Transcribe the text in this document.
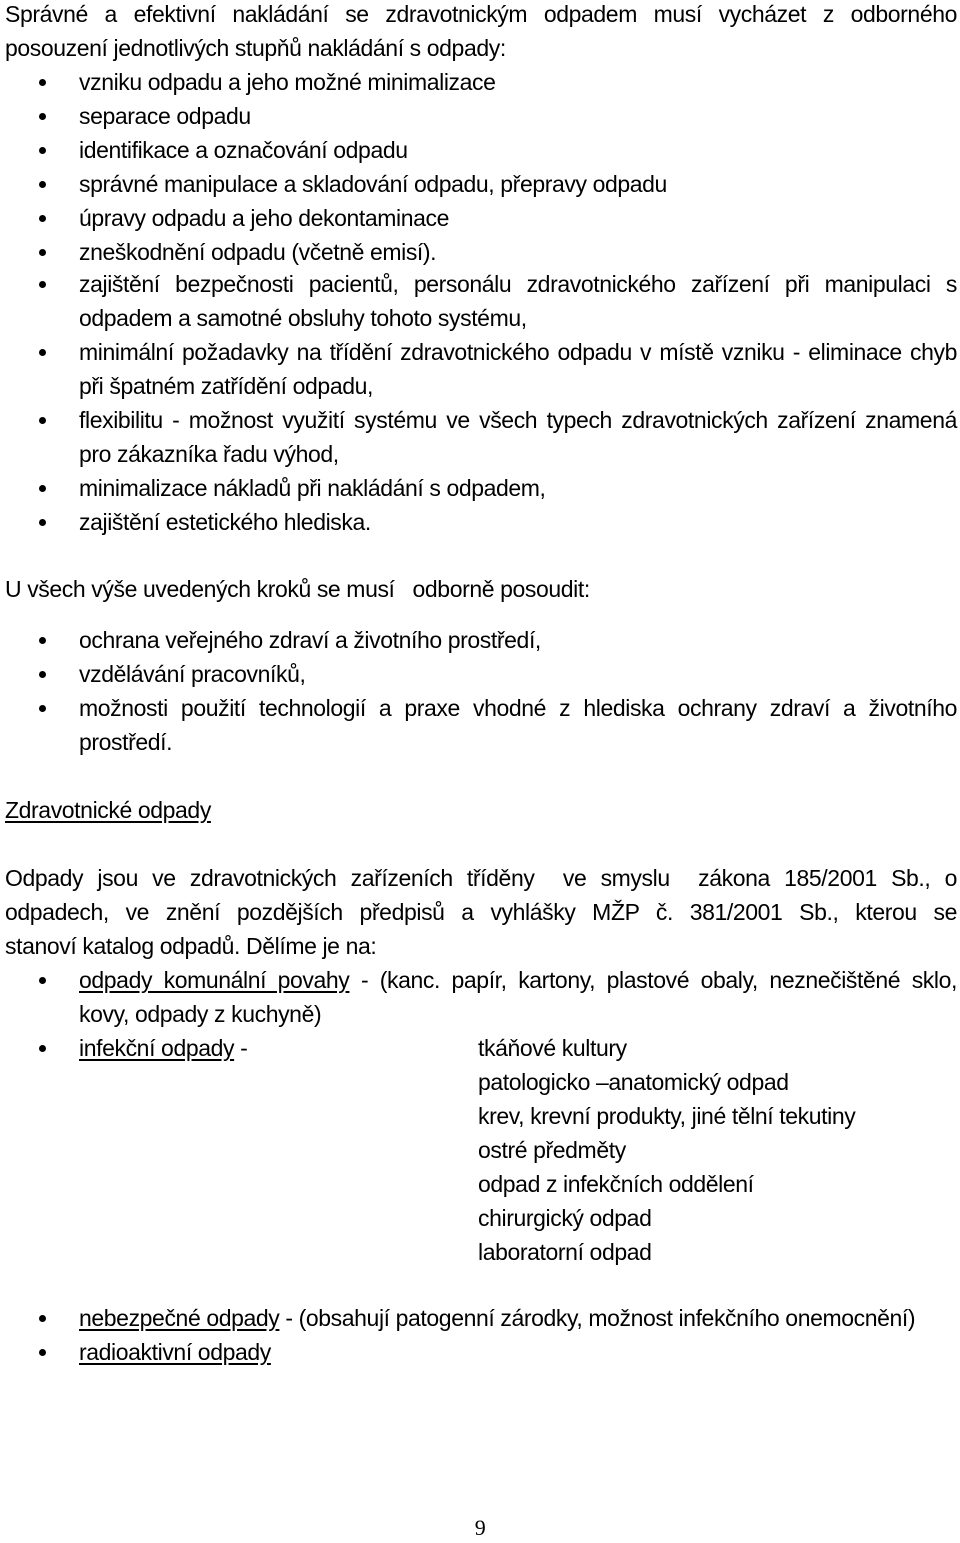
Správné a efektivní nakládání se zdravotnickým odpadem musí vycházet z odborného
posouzení jednotlivých stupňů nakládání s odpady:
vzniku odpadu a jeho možné minimalizace
separace odpadu
identifikace a označování odpadu
správné manipulace a skladování odpadu, přepravy odpadu
úpravy odpadu a jeho dekontaminace
zneškodnění odpadu (včetně emisí).
zajištění bezpečnosti pacientů, personálu zdravotnického zařízení při manipulaci s odpadem a samotné obsluhy tohoto systému,
minimální požadavky na třídění zdravotnického odpadu v místě vzniku - eliminace chyb při špatném zatřídění odpadu,
flexibilitu - možnost využití systému ve všech typech zdravotnických zařízení znamená pro zákazníka řadu výhod,
minimalizace nákladů při nakládání s odpadem,
zajištění estetického hlediska.
U všech výše uvedených kroků se musí   odborně posoudit:
ochrana veřejného zdraví a životního prostředí,
vzdělávání pracovníků,
možnosti použití technologií a praxe vhodné z hlediska ochrany zdraví a životního prostředí.
Zdravotnické odpady
Odpady jsou ve zdravotnických zařízeních tříděny  ve smyslu  zákona 185/2001 Sb., o
odpadech, ve znění pozdějších předpisů a vyhlášky MŽP č. 381/2001 Sb., kterou se
stanoví katalog odpadů. Dělíme je na:
odpady komunální povahy - (kanc. papír, kartony, plastové obaly, neznečištěné sklo, kovy, odpady z kuchyně)
infekční odpady -	tkáňové kultury
patologicko –anatomický odpad
krev, krevní produkty, jiné tělní tekutiny
ostré předměty
odpad z infekčních oddělení
chirurgický odpad
laboratorní odpad
nebezpečné odpady - (obsahují patogenní zárodky, možnost infekčního onemocnění)
radioaktivní odpady
9
